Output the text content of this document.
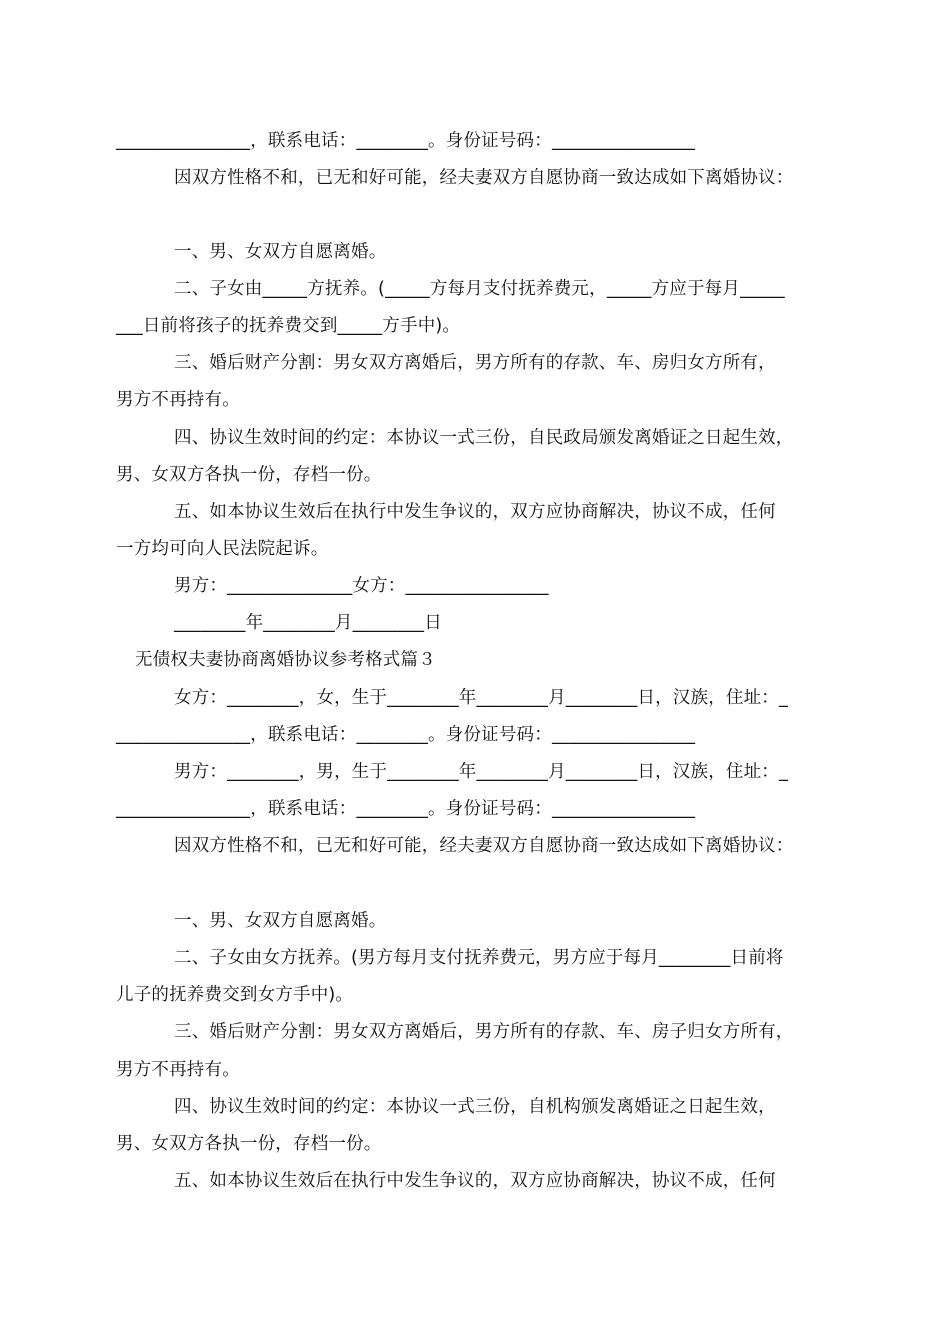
_______________，联系电话：________。身份证号码：________________
因双方性格不和，已无和好可能，经夫妻双方自愿协商一致达成如下离婚协议：
一、男、女双方自愿离婚。
二、子女由_____方抚养。(_____方每月支付抚养费元，_____方应于每月_____
___日前将孩子的抚养费交到_____方手中)。
三、婚后财产分割：男女双方离婚后，男方所有的存款、车、房归女方所有，
男方不再持有。
四、协议生效时间的约定：本协议一式三份，自民政局颁发离婚证之日起生效，
男、女双方各执一份，存档一份。
五、如本协议生效后在执行中发生争议的，双方应协商解决，协议不成，任何
一方均可向人民法院起诉。
男方：______________女方：________________
________年________月________日
无债权夫妻协商离婚协议参考格式篇３
女方：________，女，生于________年________月________日，汉族，住址：_
_______________，联系电话：________。身份证号码：________________
男方：________，男，生于________年________月________日，汉族，住址：_
_______________，联系电话：________。身份证号码：________________
因双方性格不和，已无和好可能，经夫妻双方自愿协商一致达成如下离婚协议：
一、男、女双方自愿离婚。
二、子女由女方抚养。(男方每月支付抚养费元，男方应于每月________日前将
儿子的抚养费交到女方手中)。
三、婚后财产分割：男女双方离婚后，男方所有的存款、车、房子归女方所有，
男方不再持有。
四、协议生效时间的约定：本协议一式三份，自机构颁发离婚证之日起生效，
男、女双方各执一份，存档一份。
五、如本协议生效后在执行中发生争议的，双方应协商解决，协议不成，任何
